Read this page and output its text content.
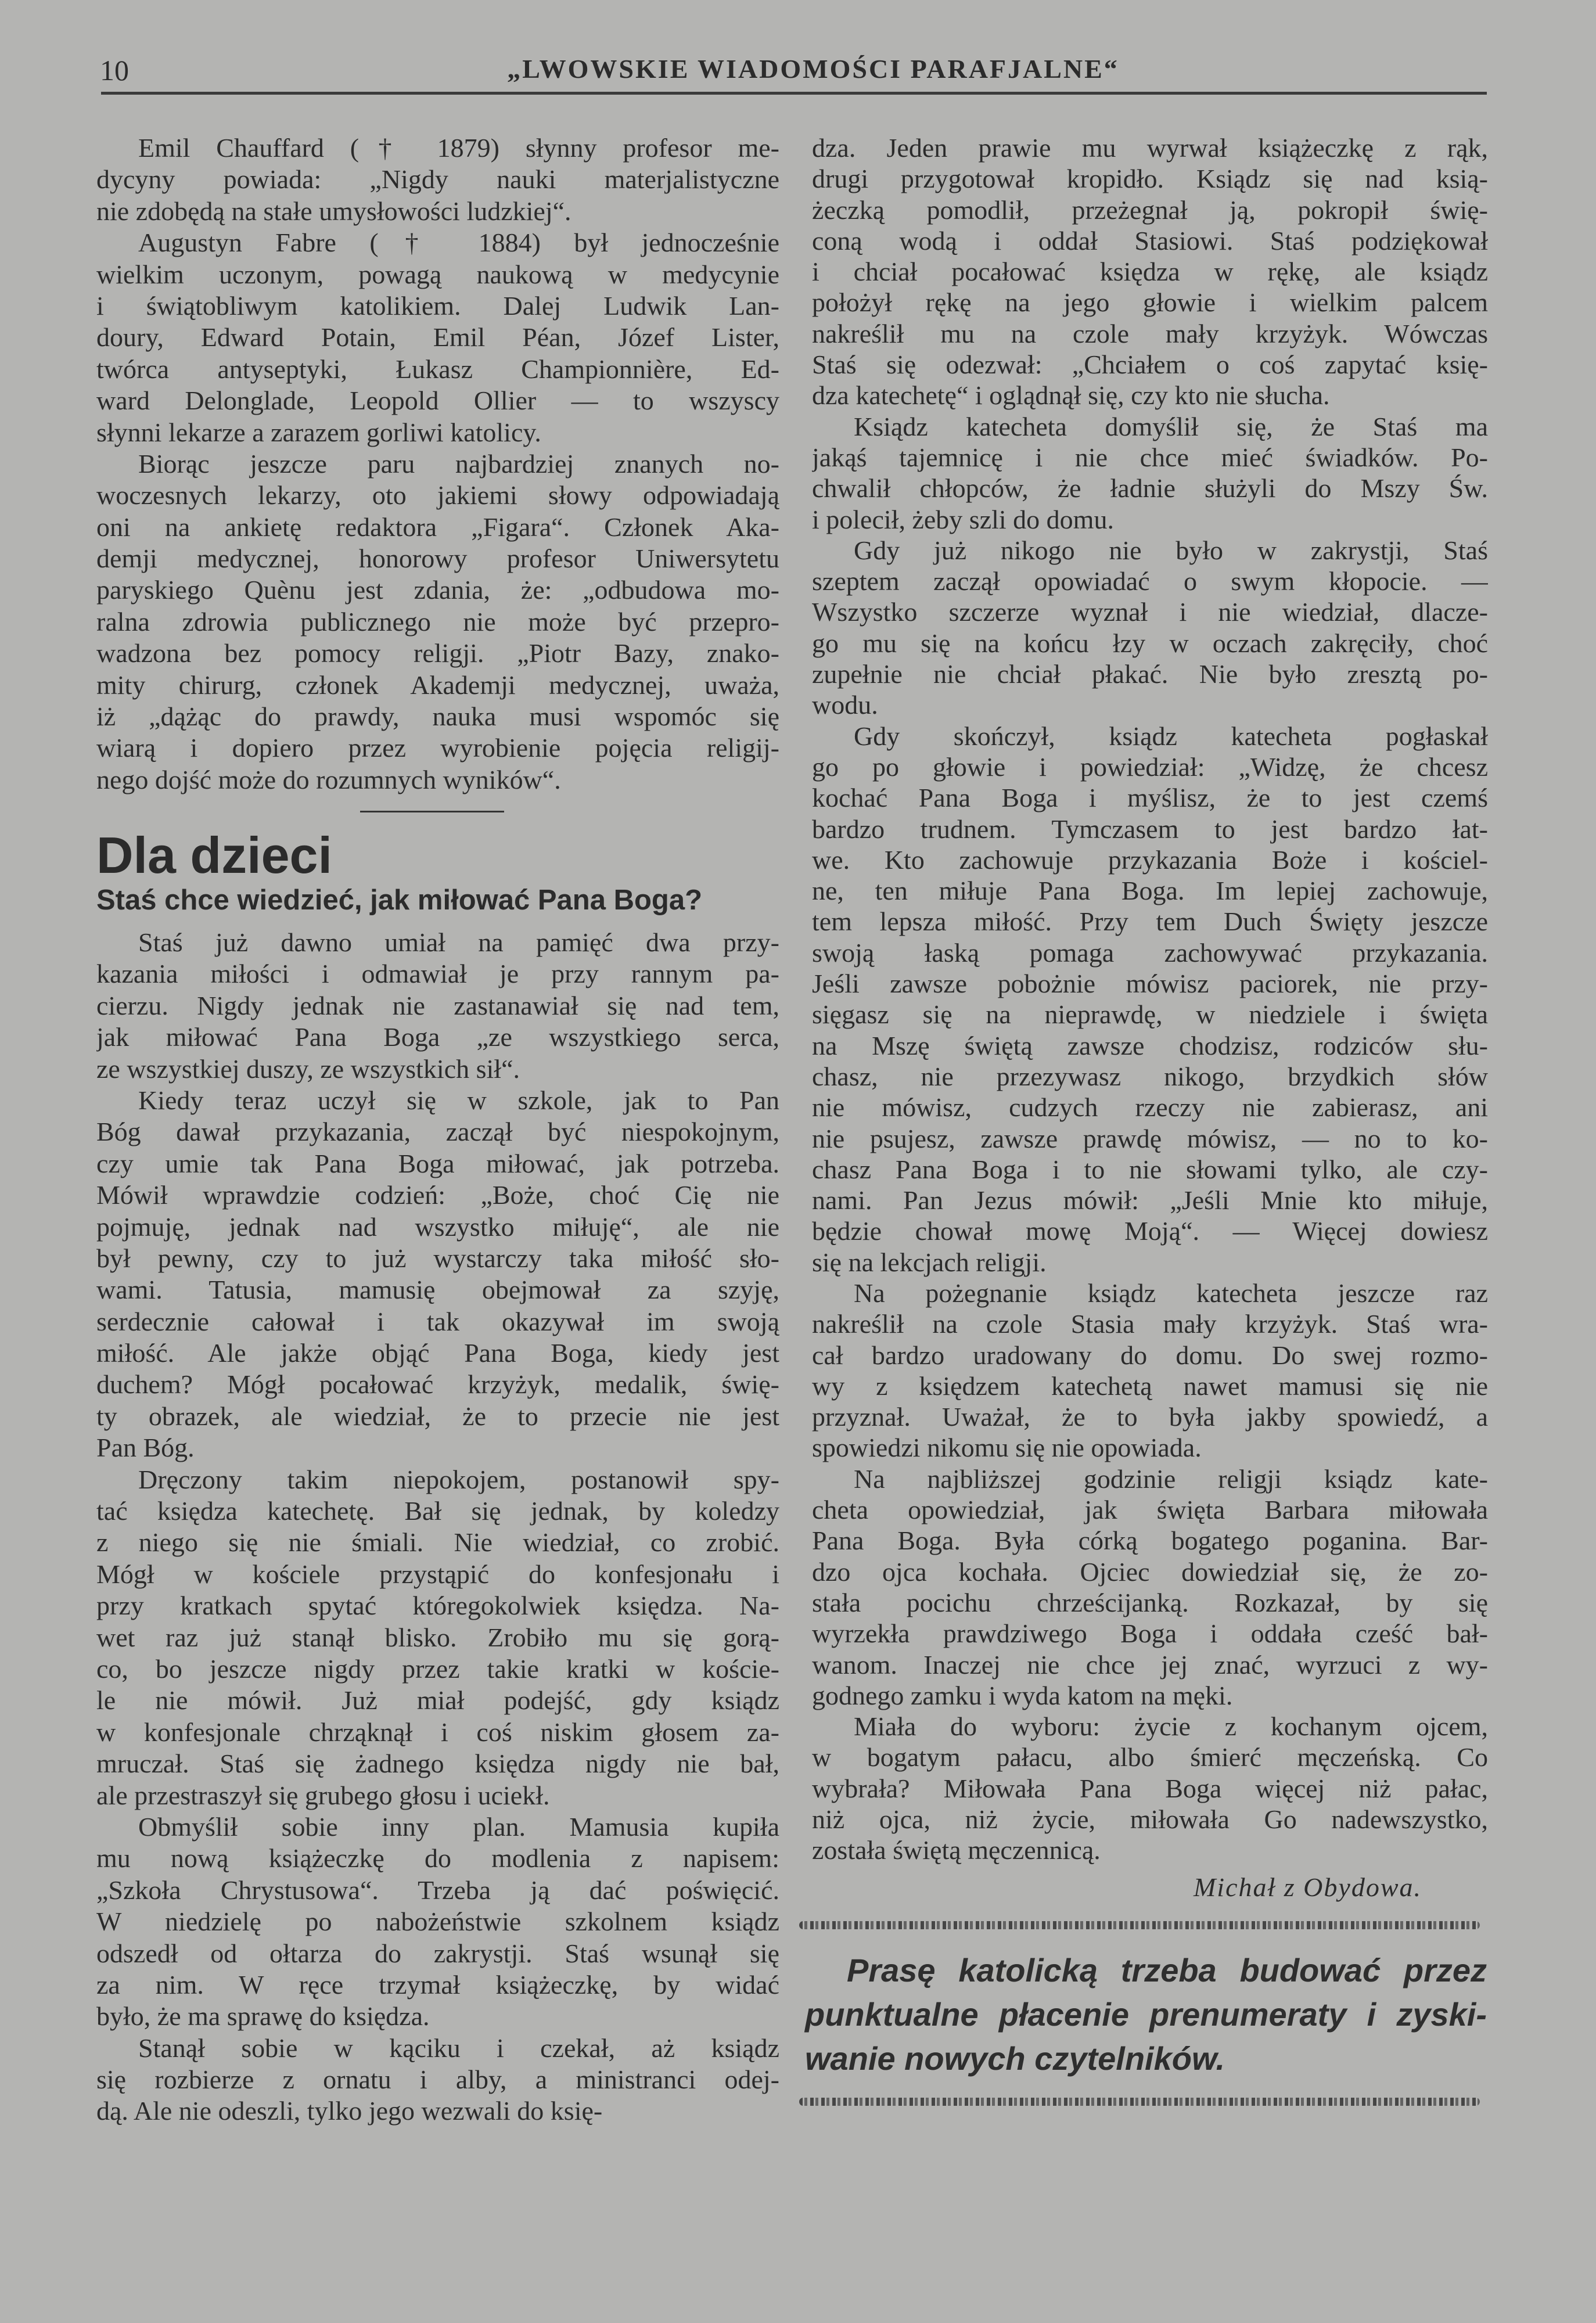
10	„LWOWSKIE WIADOMOŚCI PARAFJALNE“
Emil Chauffard († 1879) słynny profesor me-
dycyny powiada: „Nigdy nauki materjalistyczne
nie zdobędą na stałe umysłowości ludzkiej“.
Augustyn Fabre († 1884) był jednocześnie
wielkim uczonym, powagą naukową w medycynie
i świątobliwym katolikiem. Dalej Ludwik Lan-
doury, Edward Potain, Emil Péan, Józef Lister,
twórca antyseptyki, Łukasz Championnière, Ed-
ward Delonglade, Leopold Ollier — to wszyscy
słynni lekarze a zarazem gorliwi katolicy.
Biorąc jeszcze paru najbardziej znanych no-
woczesnych lekarzy, oto jakiemi słowy odpowiadają
oni na ankietę redaktora „Figara“. Członek Aka-
demji medycznej, honorowy profesor Uniwersytetu
paryskiego Quènu jest zdania, że: „odbudowa mo-
ralna zdrowia publicznego nie może być przepro-
wadzona bez pomocy religji. „Piotr Bazy, znako-
mity chirurg, członek Akademji medycznej, uważa,
iż „dążąc do prawdy, nauka musi wspomóc się
wiarą i dopiero przez wyrobienie pojęcia religij-
nego dojść może do rozumnych wyników“.
Dla dzieci
Staś chce wiedzieć, jak miłować Pana Boga?
Staś już dawno umiał na pamięć dwa przy-
kazania miłości i odmawiał je przy rannym pa-
cierzu. Nigdy jednak nie zastanawiał się nad tem,
jak miłować Pana Boga „ze wszystkiego serca,
ze wszystkiej duszy, ze wszystkich sił“.
Kiedy teraz uczył się w szkole, jak to Pan
Bóg dawał przykazania, zaczął być niespokojnym,
czy umie tak Pana Boga miłować, jak potrzeba.
Mówił wprawdzie codzień: „Boże, choć Cię nie
pojmuję, jednak nad wszystko miłuję“, ale nie
był pewny, czy to już wystarczy taka miłość sło-
wami. Tatusia, mamusię obejmował za szyję,
serdecznie całował i tak okazywał im swoją
miłość. Ale jakże objąć Pana Boga, kiedy jest
duchem? Mógł pocałować krzyżyk, medalik, świę-
ty obrazek, ale wiedział, że to przecie nie jest
Pan Bóg.
Dręczony takim niepokojem, postanowił spy-
tać księdza katechetę. Bał się jednak, by koledzy
z niego się nie śmiali. Nie wiedział, co zrobić.
Mógł w kościele przystąpić do konfesjonału i
przy kratkach spytać któregokolwiek księdza. Na-
wet raz już stanął blisko. Zrobiło mu się gorą-
co, bo jeszcze nigdy przez takie kratki w koście-
le nie mówił. Już miał podejść, gdy ksiądz
w konfesjonale chrząknął i coś niskim głosem za-
mruczał. Staś się żadnego księdza nigdy nie bał,
ale przestraszył się grubego głosu i uciekł.
Obmyślił sobie inny plan. Mamusia kupiła
mu nową książeczkę do modlenia z napisem:
„Szkoła Chrystusowa“. Trzeba ją dać poświęcić.
W niedzielę po nabożeństwie szkolnem ksiądz
odszedł od ołtarza do zakrystji. Staś wsunął się
za nim. W ręce trzymał książeczkę, by widać
było, że ma sprawę do księdza.
Stanął sobie w kąciku i czekał, aż ksiądz
się rozbierze z ornatu i alby, a ministranci odej-
dą. Ale nie odeszli, tylko jego wezwali do księ-
dza. Jeden prawie mu wyrwał książeczkę z rąk,
drugi przygotował kropidło. Ksiądz się nad ksią-
żeczką pomodlił, przeżegnał ją, pokropił świę-
coną wodą i oddał Stasiowi. Staś podziękował
i chciał pocałować księdza w rękę, ale ksiądz
położył rękę na jego głowie i wielkim palcem
nakreślił mu na czole mały krzyżyk. Wówczas
Staś się odezwał: „Chciałem o coś zapytać księ-
dza katechetę“ i oglądnął się, czy kto nie słucha.
Ksiądz katecheta domyślił się, że Staś ma
jakąś tajemnicę i nie chce mieć świadków. Po-
chwalił chłopców, że ładnie służyli do Mszy Św.
i polecił, żeby szli do domu.
Gdy już nikogo nie było w zakrystji, Staś
szeptem zaczął opowiadać o swym kłopocie. —
Wszystko szczerze wyznał i nie wiedział, dlacze-
go mu się na końcu łzy w oczach zakręciły, choć
zupełnie nie chciał płakać. Nie było zresztą po-
wodu.
Gdy skończył, ksiądz katecheta pogłaskał
go po głowie i powiedział: „Widzę, że chcesz
kochać Pana Boga i myślisz, że to jest czemś
bardzo trudnem. Tymczasem to jest bardzo łat-
we. Kto zachowuje przykazania Boże i kościel-
ne, ten miłuje Pana Boga. Im lepiej zachowuje,
tem lepsza miłość. Przy tem Duch Święty jeszcze
swoją łaską pomaga zachowywać przykazania.
Jeśli zawsze pobożnie mówisz paciorek, nie przy-
sięgasz się na nieprawdę, w niedziele i święta
na Mszę świętą zawsze chodzisz, rodziców słu-
chasz, nie przezywasz nikogo, brzydkich słów
nie mówisz, cudzych rzeczy nie zabierasz, ani
nie psujesz, zawsze prawdę mówisz, — no to ko-
chasz Pana Boga i to nie słowami tylko, ale czy-
nami. Pan Jezus mówił: „Jeśli Mnie kto miłuje,
będzie chował mowę Moją“. — Więcej dowiesz
się na lekcjach religji.
Na pożegnanie ksiądz katecheta jeszcze raz
nakreślił na czole Stasia mały krzyżyk. Staś wra-
cał bardzo uradowany do domu. Do swej rozmo-
wy z księdzem katechetą nawet mamusi się nie
przyznał. Uważał, że to była jakby spowiedź, a
spowiedzi nikomu się nie opowiada.
Na najbliższej godzinie religji ksiądz kate-
cheta opowiedział, jak święta Barbara miłowała
Pana Boga. Była córką bogatego poganina. Bar-
dzo ojca kochała. Ojciec dowiedział się, że zo-
stała pocichu chrześcijanką. Rozkazał, by się
wyrzekła prawdziwego Boga i oddała cześć bał-
wanom. Inaczej nie chce jej znać, wyrzuci z wy-
godnego zamku i wyda katom na męki.
Miała do wyboru: życie z kochanym ojcem,
w bogatym pałacu, albo śmierć męczeńską. Co
wybrała? Miłowała Pana Boga więcej niż pałac,
niż ojca, niż życie, miłowała Go nadewszystko,
została świętą męczennicą.
Michał z Obydowa.
Prasę katolicką trzeba budować przez
punktualne płacenie prenumeraty i zyski-
wanie nowych czytelników.
